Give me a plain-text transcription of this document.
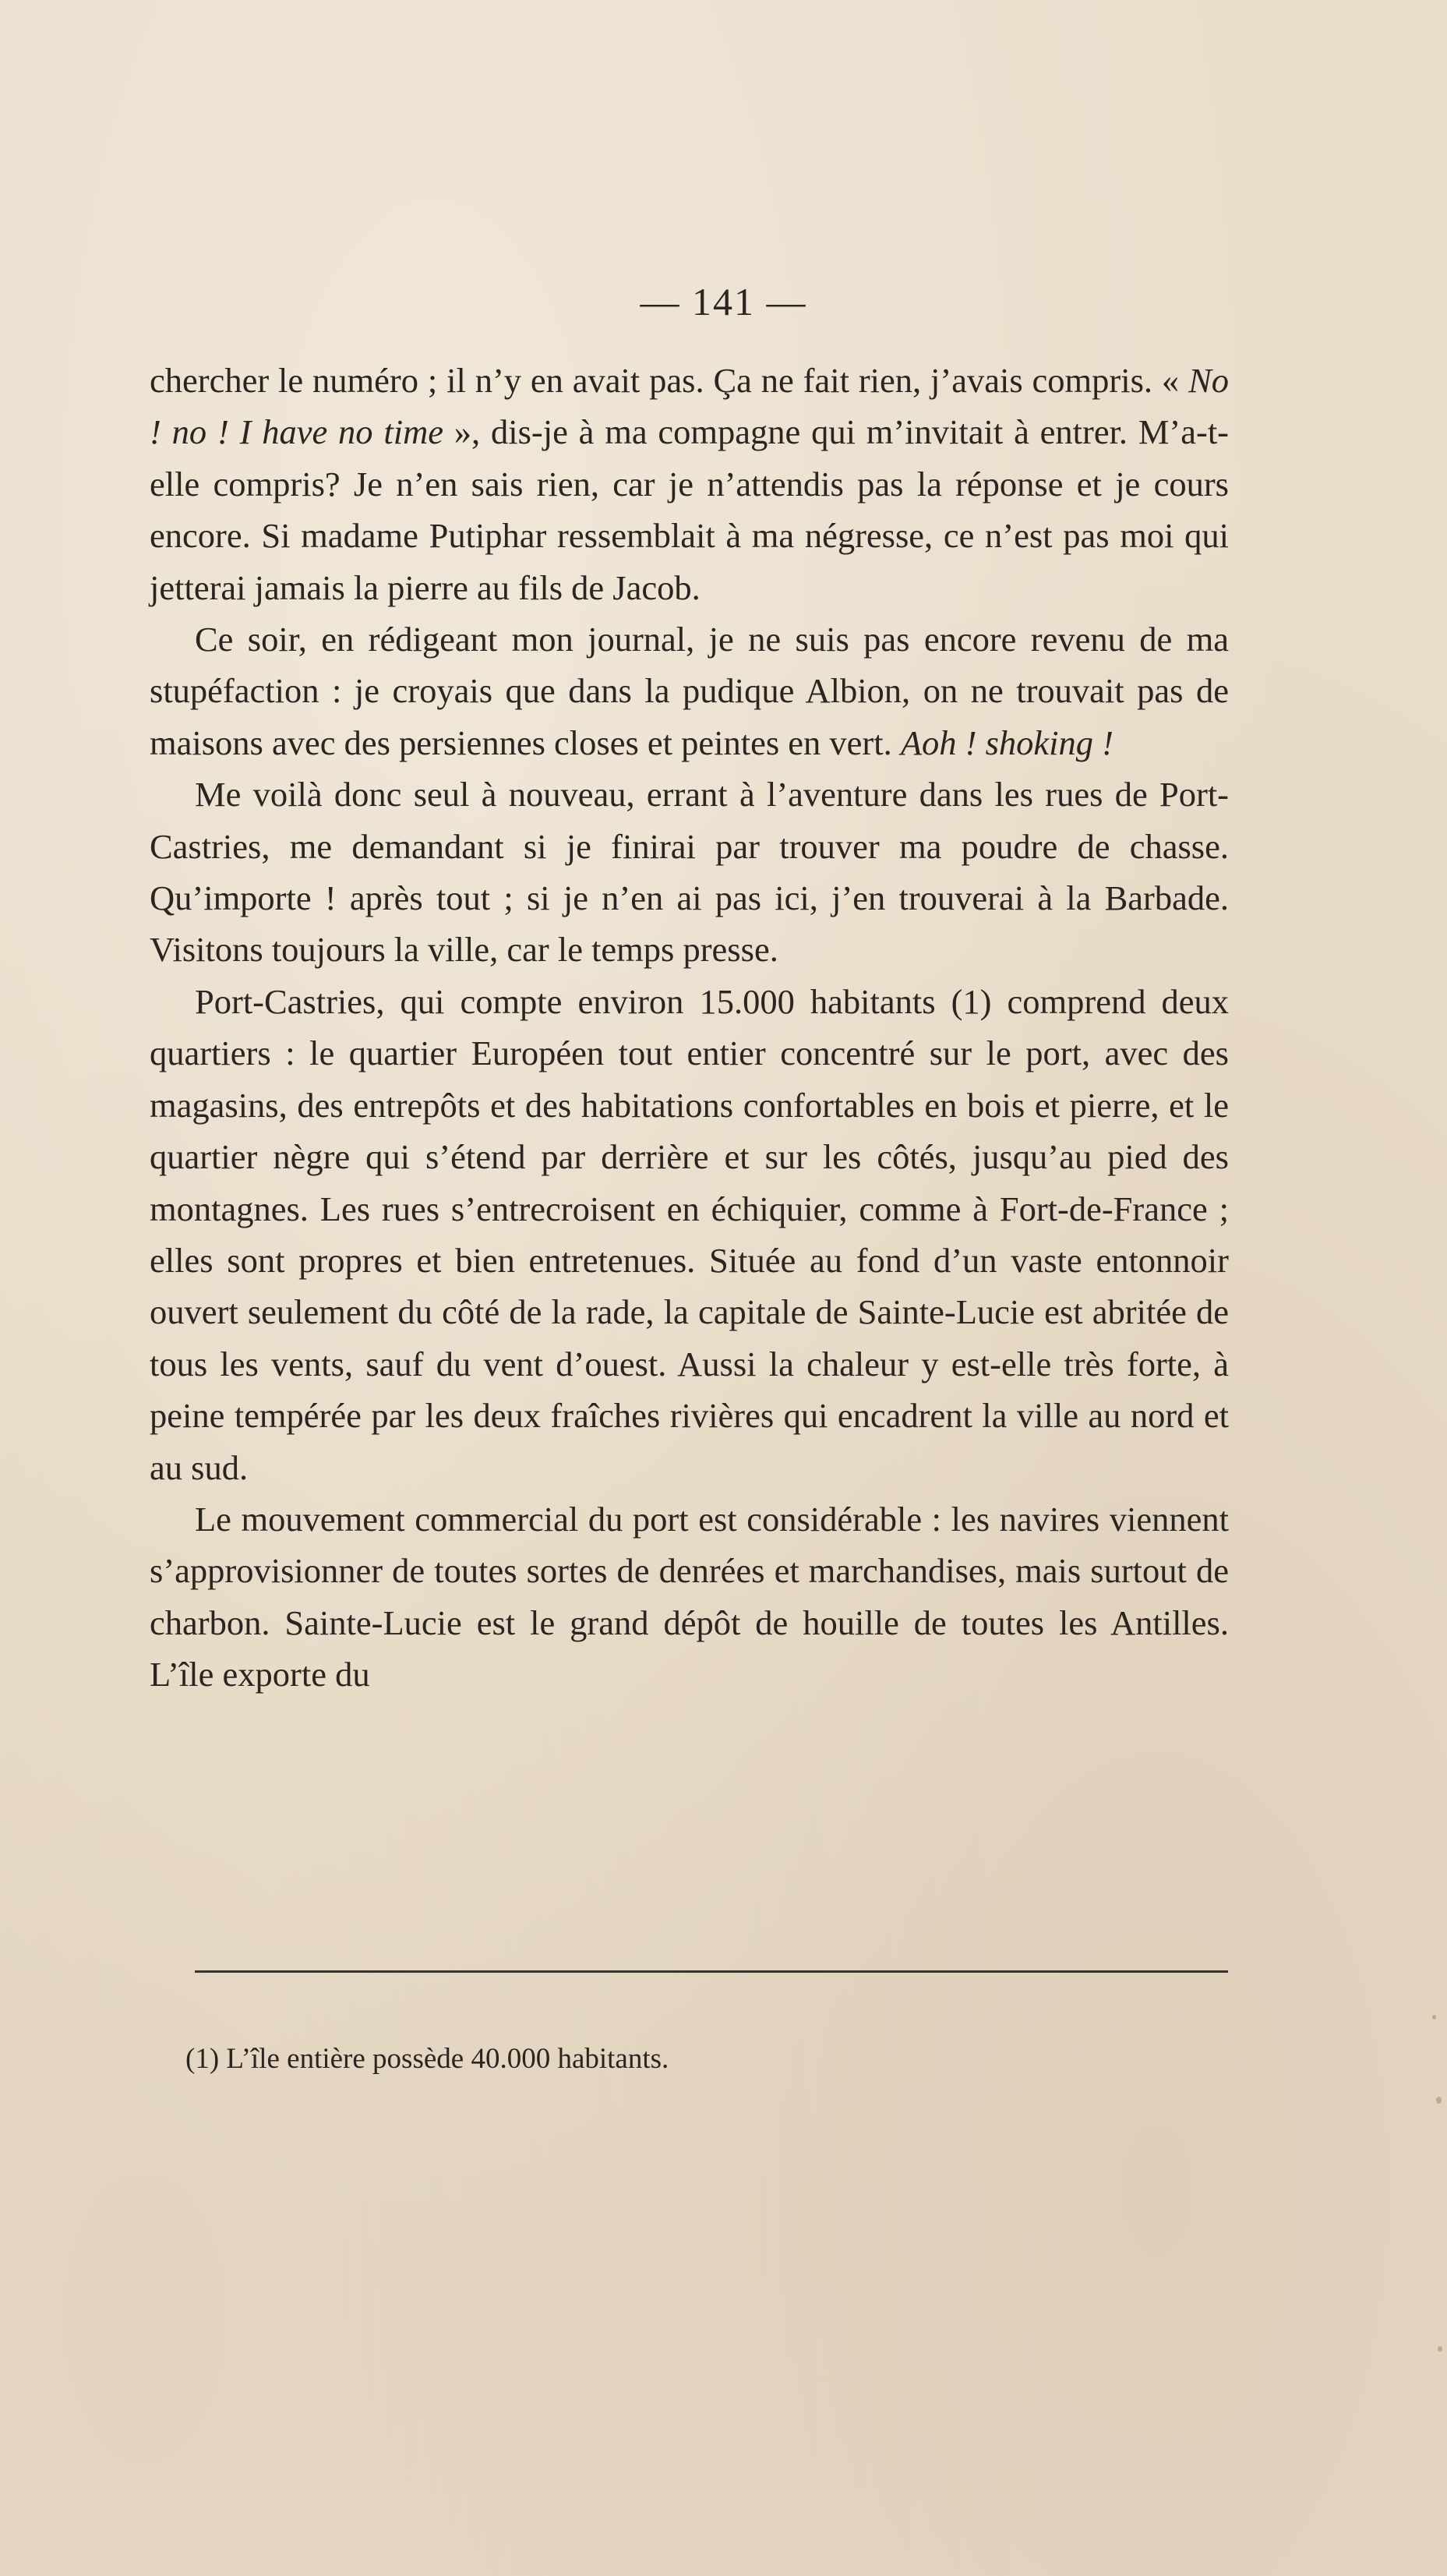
— 141 —

chercher le numéro ; il n’y en avait pas. Ça ne fait rien, j’avais compris. « No ! no ! I have no time », dis-je à ma compagne qui m’invitait à entrer. M’a-t-elle compris? Je n’en sais rien, car je n’attendis pas la réponse et je cours encore. Si madame Putiphar ressemblait à ma négresse, ce n’est pas moi qui jetterai jamais la pierre au fils de Jacob.

Ce soir, en rédigeant mon journal, je ne suis pas encore revenu de ma stupéfaction : je croyais que dans la pudique Albion, on ne trouvait pas de maisons avec des persiennes closes et peintes en vert. Aoh ! shoking !

Me voilà donc seul à nouveau, errant à l’aventure dans les rues de Port-Castries, me demandant si je finirai par trouver ma poudre de chasse. Qu’importe ! après tout ; si je n’en ai pas ici, j’en trouverai à la Barbade. Visitons toujours la ville, car le temps presse.

Port-Castries, qui compte environ 15.000 habitants (1) comprend deux quartiers : le quartier Européen tout entier concentré sur le port, avec des magasins, des entrepôts et des habitations confortables en bois et pierre, et le quartier nègre qui s’étend par derrière et sur les côtés, jusqu’au pied des montagnes. Les rues s’entrecroisent en échiquier, comme à Fort-de-France ; elles sont propres et bien entretenues. Située au fond d’un vaste entonnoir ouvert seulement du côté de la rade, la capitale de Sainte-Lucie est abritée de tous les vents, sauf du vent d’ouest. Aussi la chaleur y est-elle très forte, à peine tempérée par les deux fraîches rivières qui encadrent la ville au nord et au sud.

Le mouvement commercial du port est considérable : les navires viennent s’approvisionner de toutes sortes de denrées et marchandises, mais surtout de charbon. Sainte-Lucie est le grand dépôt de houille de toutes les Antilles. L’île exporte du

(1) L’île entière possède 40.000 habitants.
